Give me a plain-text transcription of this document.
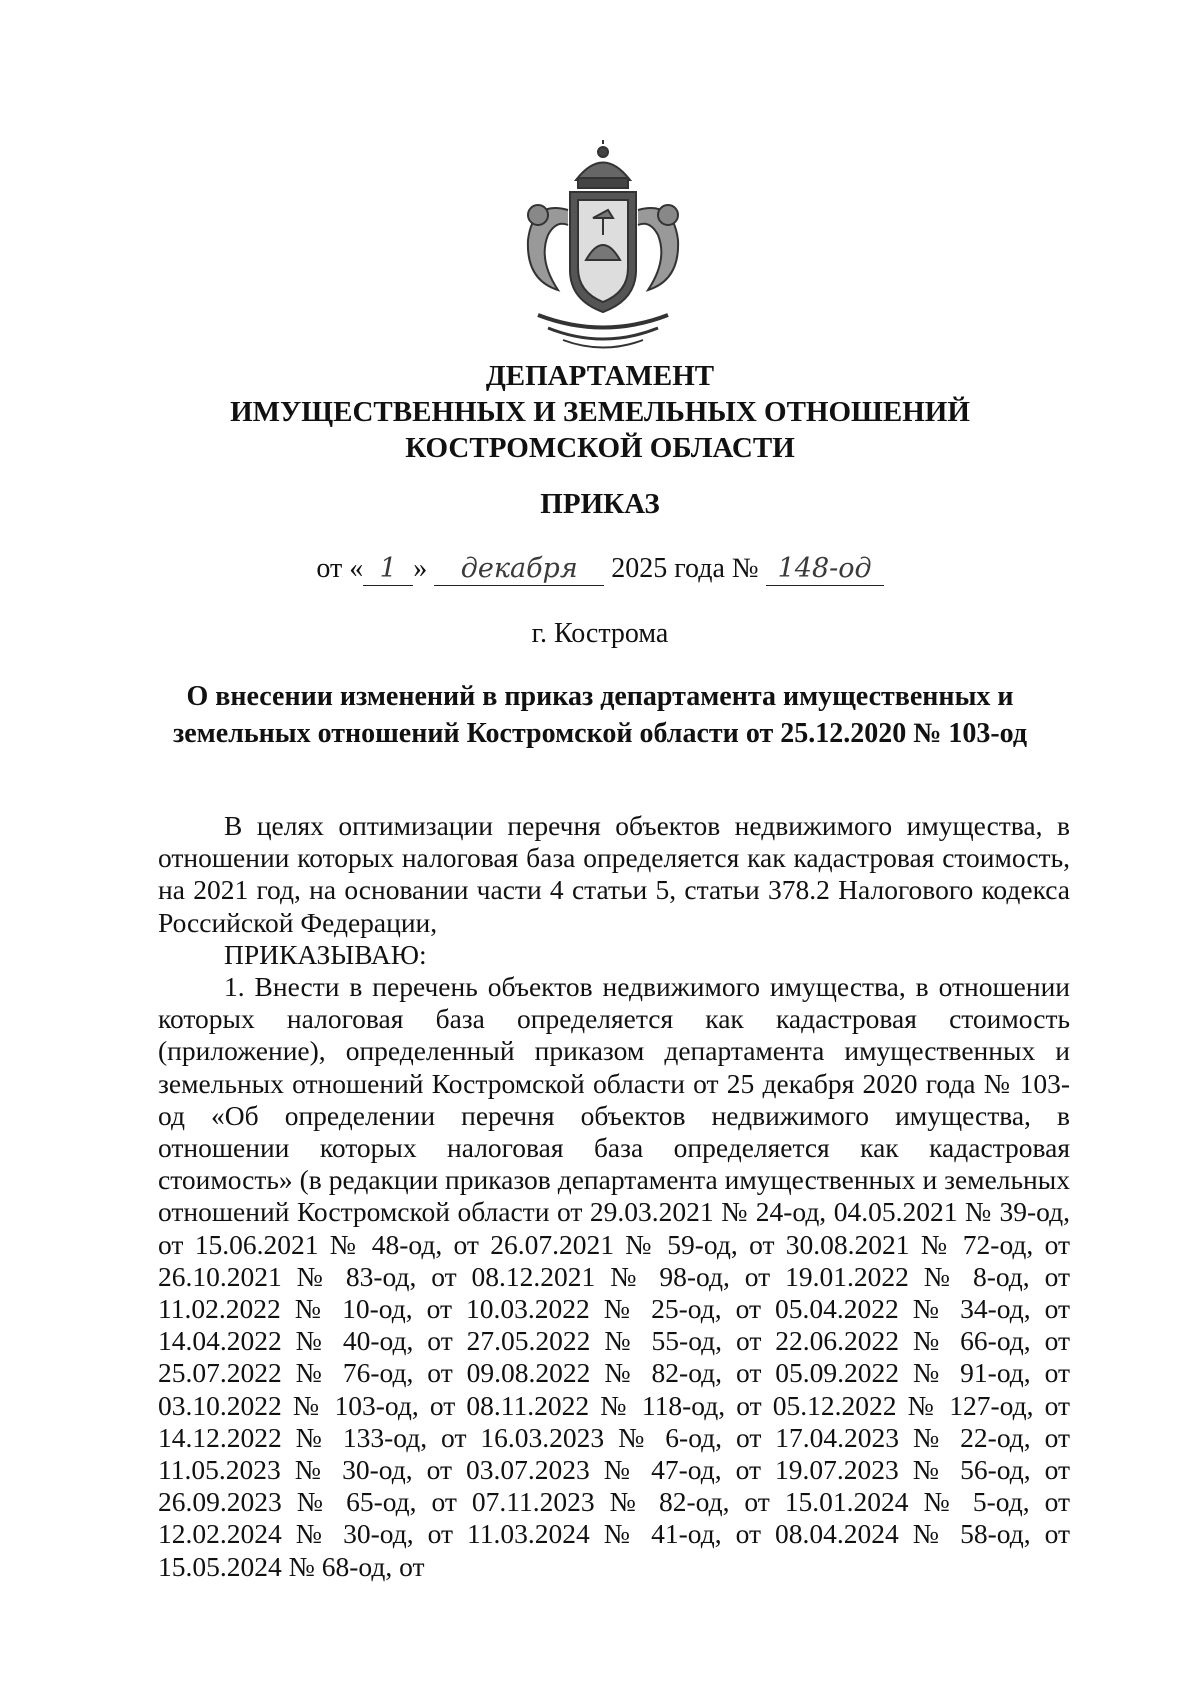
ДЕПАРТАМЕНТ
ИМУЩЕСТВЕННЫХ И ЗЕМЕЛЬНЫХ ОТНОШЕНИЙ
КОСТРОМСКОЙ ОБЛАСТИ
ПРИКАЗ
от « 1 » декабря 2025 года № 148-од
г. Кострома
О внесении изменений в приказ департамента имущественных и
земельных отношений Костромской области от 25.12.2020 № 103-од

В целях оптимизации перечня объектов недвижимого имущества, в отношении которых налоговая база определяется как кадастровая стоимость, на 2021 год, на основании части 4 статьи 5, статьи 378.2 Налогового кодекса Российской Федерации,

ПРИКАЗЫВАЮ:

1. Внести в перечень объектов недвижимого имущества, в отношении которых налоговая база определяется как кадастровая стоимость (приложение), определенный приказом департамента имущественных и земельных отношений Костромской области от 25 декабря 2020 года № 103-од «Об определении перечня объектов недвижимого имущества, в отношении которых налоговая база определяется как кадастровая стоимость» (в редакции приказов департамента имущественных и земельных отношений Костромской области от 29.03.2021 № 24-од, 04.05.2021 № 39-од, от 15.06.2021 № 48-од, от 26.07.2021 № 59-од, от 30.08.2021 № 72-од, от 26.10.2021 № 83-од, от 08.12.2021 № 98-од, от 19.01.2022 № 8-од, от 11.02.2022 № 10-од, от 10.03.2022 № 25-од, от 05.04.2022 № 34-од, от 14.04.2022 № 40-од, от 27.05.2022 № 55-од, от 22.06.2022 № 66-од, от 25.07.2022 № 76-од, от 09.08.2022 № 82-од, от 05.09.2022 № 91-од, от 03.10.2022 № 103-од, от 08.11.2022 № 118-од, от 05.12.2022 № 127-од, от 14.12.2022 № 133-од, от 16.03.2023 № 6-од, от 17.04.2023 № 22-од, от 11.05.2023 № 30-од, от 03.07.2023 № 47-од, от 19.07.2023 № 56-од, от 26.09.2023 № 65-од, от 07.11.2023 № 82-од, от 15.01.2024 № 5-од, от 12.02.2024 № 30-од, от 11.03.2024 № 41-од, от 08.04.2024 № 58-од, от 15.05.2024 № 68-од, от
